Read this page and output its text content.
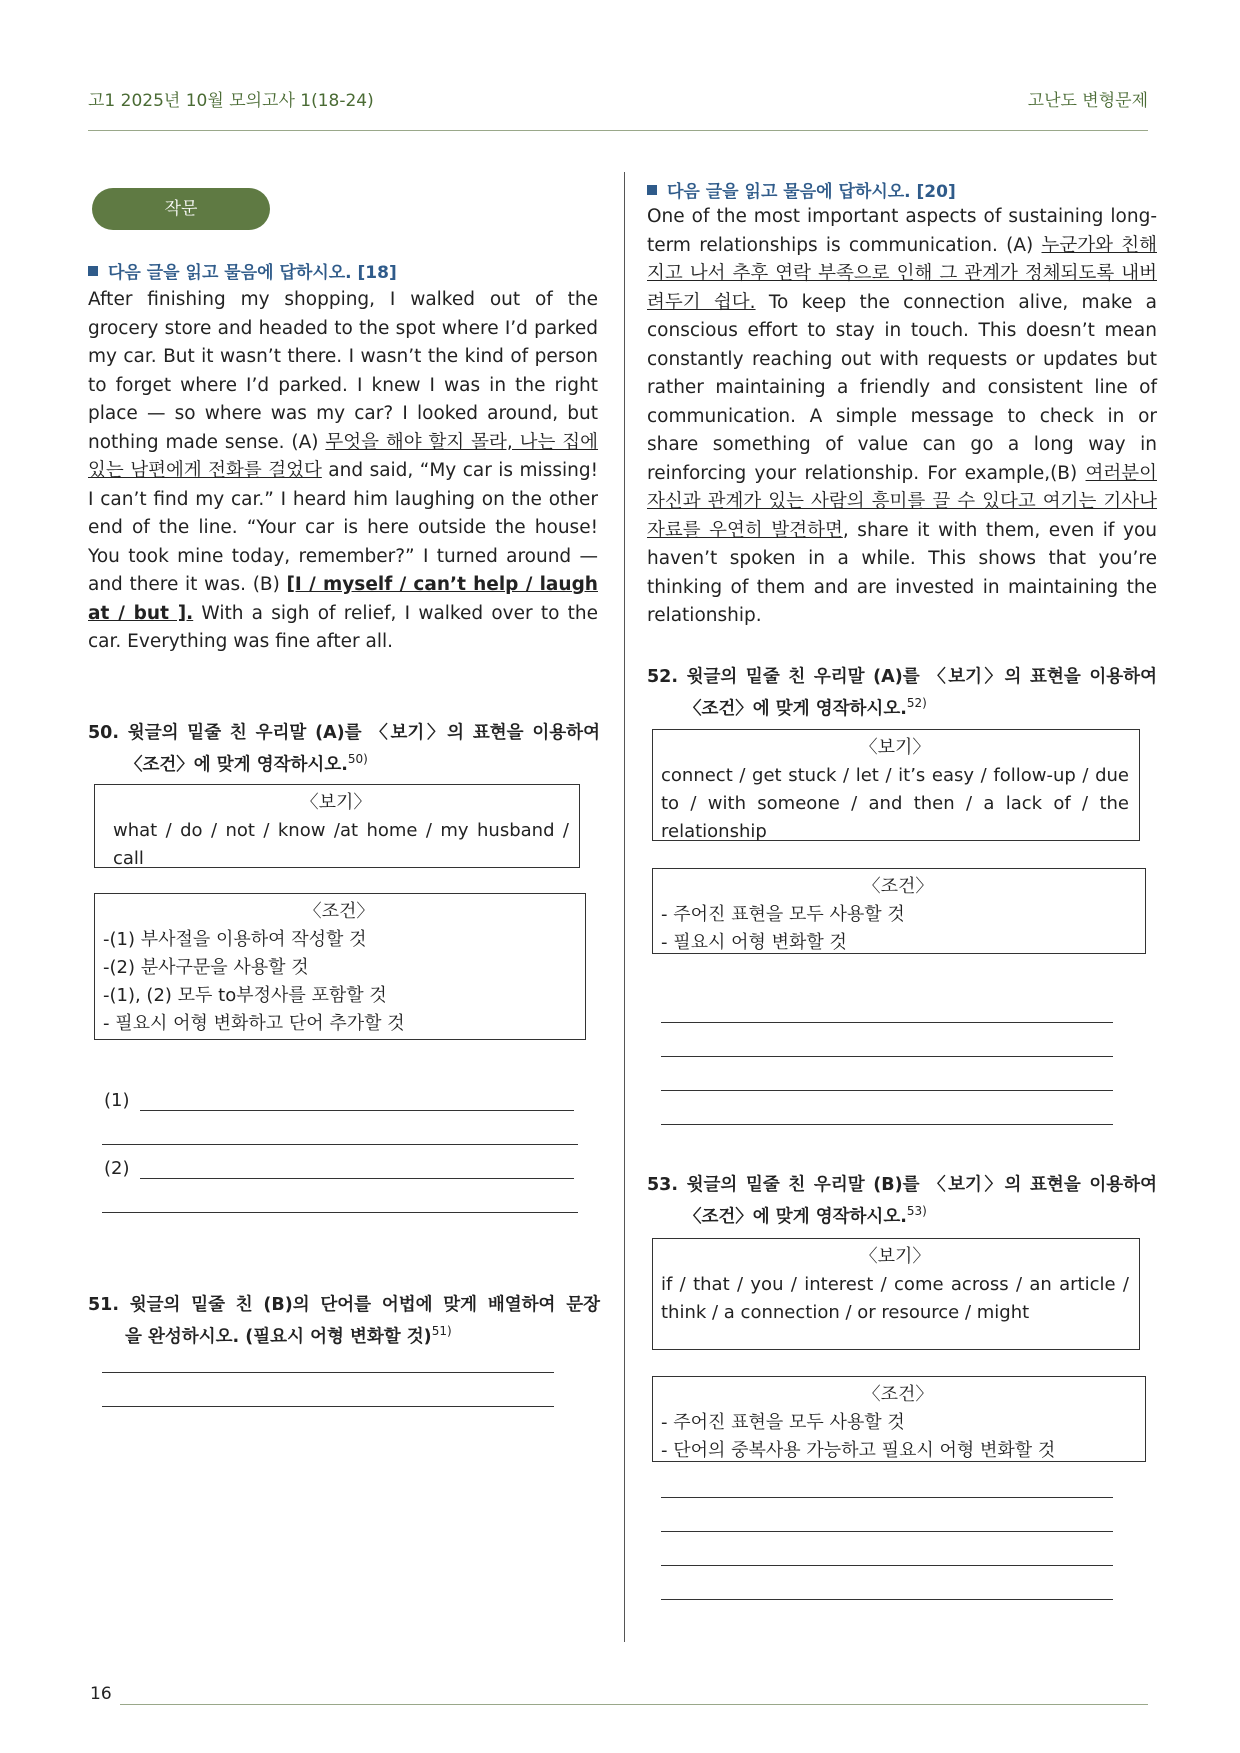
고1 2025년 10월 모의고사 1(18-24)	고난도 변형문제
작문
다음 글을 읽고 물음에 답하시오. [18]
After finishing my shopping, I walked out of the grocery store and headed to the spot where I’d parked my car. But it wasn’t there. I wasn’t the kind of person to forget where I’d parked. I knew I was in the right place — so where was my car? I looked around, but nothing made sense. (A) 무엇을 해야 할지 몰라, 나는 집에 있는 남편에게 전화를 걸었다 and said, “My car is missing! I can’t find my car.” I heard him laughing on the other end of the line. “Your car is here outside the house! You took mine today, remember?” I turned around — and there it was. (B) [I / myself / can’t help / laugh at / but ]. With a sigh of relief, I walked over to the car. Everything was fine after all.
50. 윗글의 밑줄 친 우리말 (A)를 〈보기〉의 표현을 이용하여
〈조건〉에 맞게 영작하시오.$^{50)}$
〈보기〉
what / do / not / know /at home / my husband / call
〈조건〉
-(1) 부사절을 이용하여 작성할 것
-(2) 분사구문을 사용할 것
-(1), (2) 모두 to부정사를 포함할 것
- 필요시 어형 변화하고 단어 추가할 것
(1)
(2)
51. 윗글의 밑줄 친 (B)의 단어를 어법에 맞게 배열하여 문장
을 완성하시오. (필요시 어형 변화할 것)$^{51)}$
다음 글을 읽고 물음에 답하시오. [20]
One of the most important aspects of sustaining long-term relationships is communication. (A) 누군가와 친해지고 나서 추후 연락 부족으로 인해 그 관계가 정체되도록 내버려두기 쉽다. To keep the connection alive, make a conscious effort to stay in touch. This doesn’t mean constantly reaching out with requests or updates but rather maintaining a friendly and consistent line of communication. A simple message to check in or share something of value can go a long way in reinforcing your relationship. For example,(B) 여러분이 자신과 관계가 있는 사람의 흥미를 끌 수 있다고 여기는 기사나 자료를 우연히 발견하면, share it with them, even if you haven’t spoken in a while. This shows that you’re thinking of them and are invested in maintaining the relationship.
52. 윗글의 밑줄 친 우리말 (A)를 〈보기〉의 표현을 이용하여
〈조건〉에 맞게 영작하시오.$^{52)}$
〈보기〉
connect / get stuck / let / it’s easy / follow-up / due to / with someone / and then / a lack of / the relationship
〈조건〉
- 주어진 표현을 모두 사용할 것
- 필요시 어형 변화할 것
53. 윗글의 밑줄 친 우리말 (B)를 〈보기〉의 표현을 이용하여
〈조건〉에 맞게 영작하시오.$^{53)}$
〈보기〉
if / that / you / interest / come across / an article / think / a connection / or resource / might
〈조건〉
- 주어진 표현을 모두 사용할 것
- 단어의 중복사용 가능하고 필요시 어형 변화할 것
16
